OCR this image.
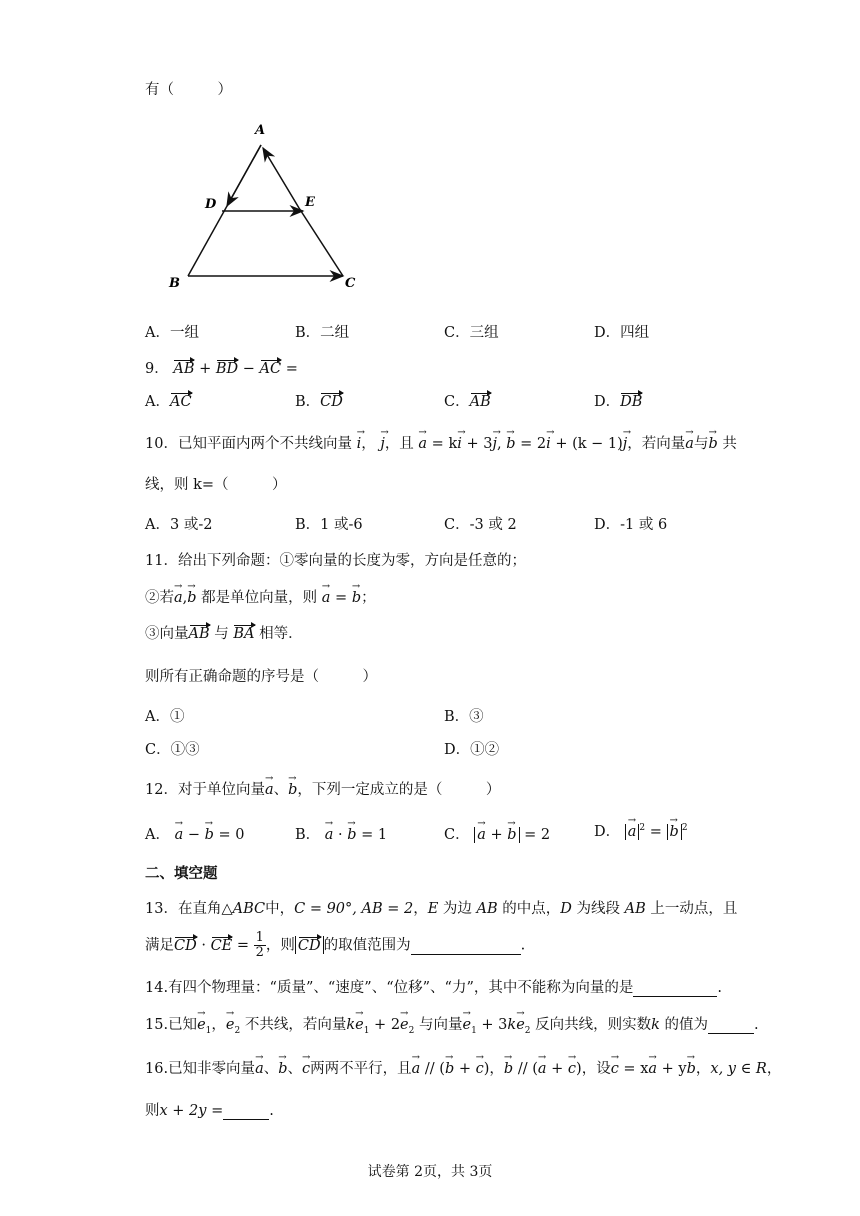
有（　　　）
A
D	E
B	C
A．一组	B．二组	C．三组	D．四组
9． AB + BD − AC =
A．AC	B．CD	C．AB	D．DB
10．已知平面内两个不共线向量 i →， j →，且 a → = ki → + 3j →, b → = 2i → + (k − 1)j →，若向量a →与b → 共
线，则 k=（　　　）
A．3 或-2	B．1 或-6	C．-3 或 2	D．-1 或 6
11．给出下列命题：①零向量的长度为零，方向是任意的；
②若a →,b → 都是单位向量，则 a → = b →；
③向量AB 与 BA 相等．
则所有正确命题的序号是（　　　）
A．①	B．③
C．①③	D．①②
12．对于单位向量a →、b →，下列一定成立的是（　　　）
A． a → − b → = 0	B． a → · b → = 1	C． a → + b → = 2	D． a → $^2$ = b → $^2$
二、填空题
13．在直角△ABC中，C = 90°, AB = 2，E 为边 AB 的中点，D 为线段 AB 上一动点，且
满足CD · CE = $\frac{1}{2}$ ，则 CD 的取值范围为	.
14.有四个物理量：“质量”、“速度”、“位移”、“力”，其中不能称为向量的是	.
15.已知$e \to_1$，$e \to_2$ 不共线，若向量ke $\to_1 + 2e \to_2$ 与向量$e \to_1 + 3ke \to_2$ 反向共线，则实数k 的值为	.
16.已知非零向量a →、b →、c →两两不平行，且a → // (b → + c →)，b → // (a → + c →)，设c → = xa → + yb →，x, y ∈ R，
则x + 2y =	.
试卷第 2页，共 3页
